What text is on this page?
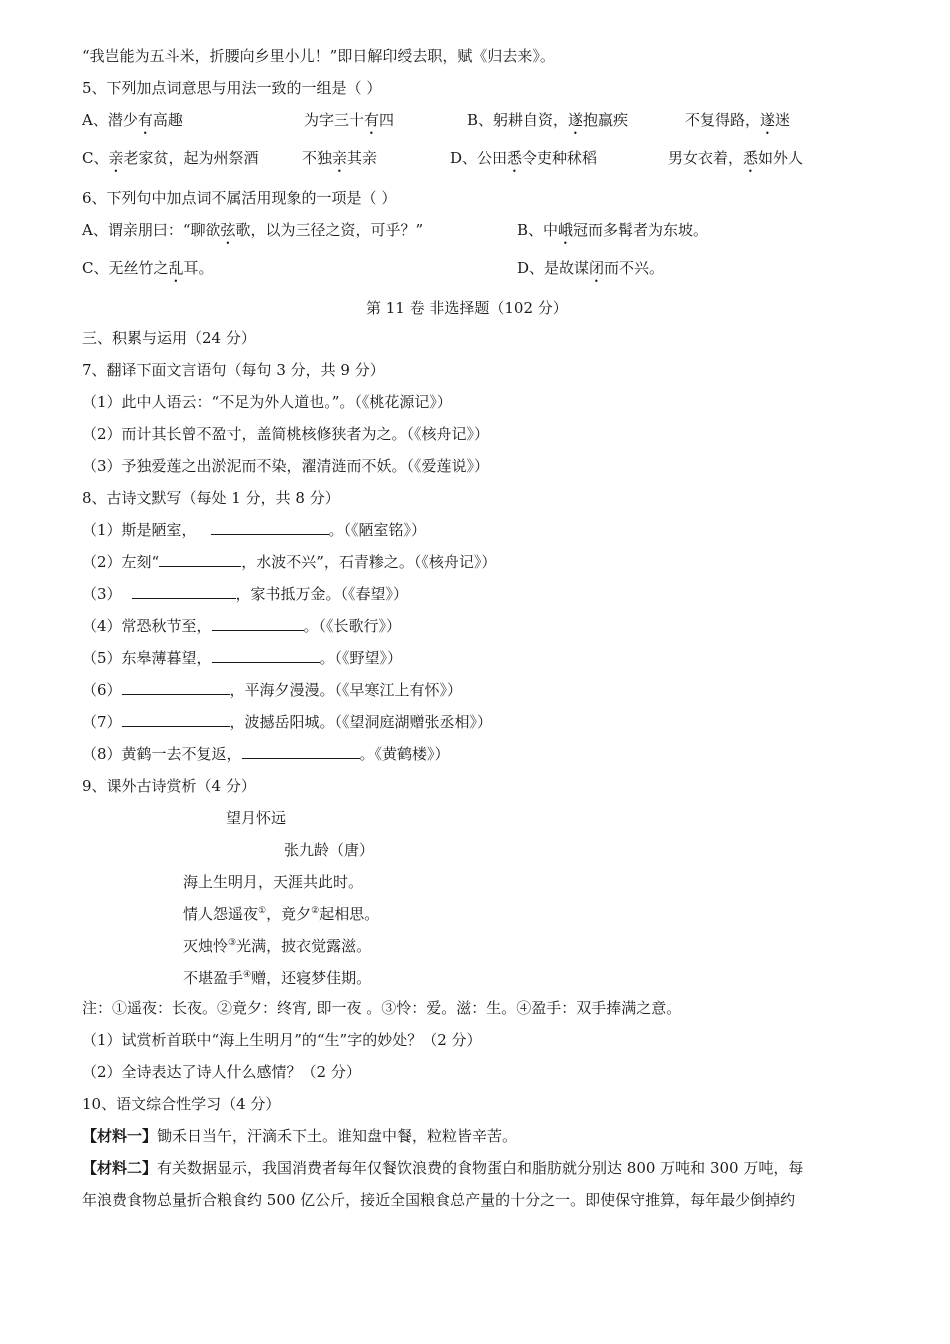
“我岂能为五斗米，折腰向乡里小儿！”即日解印绶去职，赋《归去来》。
5、下列加点词意思与用法一致的一组是（ ）
A、潜少有高趣	为字三十有四	B、躬耕自资，遂抱羸疾	不复得路，遂迷
C、亲老家贫，起为州祭酒	不独亲其亲	D、公田悉令吏种秫稻	男女衣着，悉如外人
6、下列句中加点词不属活用现象的一项是（ ）
A、谓亲朋曰：“聊欲弦歌，以为三径之资，可乎？”	B、中峨冠而多髯者为东坡。
C、无丝竹之乱耳。	D、是故谋闭而不兴。
第 11 卷 非选择题（102 分）
三、积累与运用（24 分）
7、翻译下面文言语句（每句 3 分，共 9 分）
（1）此中人语云：“不足为外人道也。”。（《桃花源记》）
（2）而计其长曾不盈寸，盖简桃核修狭者为之。（《核舟记》）
（3）予独爱莲之出淤泥而不染，濯清涟而不妖。（《爱莲说》）
8、古诗文默写（每处 1 分，共 8 分）
（1）斯是陋室，	。（《陋室铭》）
（2）左刻“	，水波不兴”，石青糁之。（《核舟记》）
（3）	，家书抵万金。（《春望》）
（4）常恐秋节至，	。（《长歌行》）
（5）东皋薄暮望，	。（《野望》）
（6）	，平海夕漫漫。（《早寒江上有怀》）
（7）	，波撼岳阳城。（《望洞庭湖赠张丞相》）
（8）黄鹤一去不复返，	。《黄鹤楼》）
9、课外古诗赏析（4 分）
望月怀远
张九龄（唐）
海上生明月，天涯共此时。
情人怨遥夜①，竟夕②起相思。
灭烛怜③光满，披衣觉露滋。
不堪盈手④赠，还寝梦佳期。
注：①遥夜：长夜。②竟夕：终宵, 即一夜 。③怜：爱。滋：生。④盈手：双手捧满之意。
（1）试赏析首联中“海上生明月”的“生”字的妙处？（2 分）
（2）全诗表达了诗人什么感情？（2 分）
10、语文综合性学习（4 分）
【材料一】锄禾日当午，汗滴禾下土。谁知盘中餐，粒粒皆辛苦。
【材料二】有关数据显示，我国消费者每年仅餐饮浪费的食物蛋白和脂肪就分别达 800 万吨和 300 万吨，每
年浪费食物总量折合粮食约 500 亿公斤，接近全国粮食总产量的十分之一。即使保守推算，每年最少倒掉约
